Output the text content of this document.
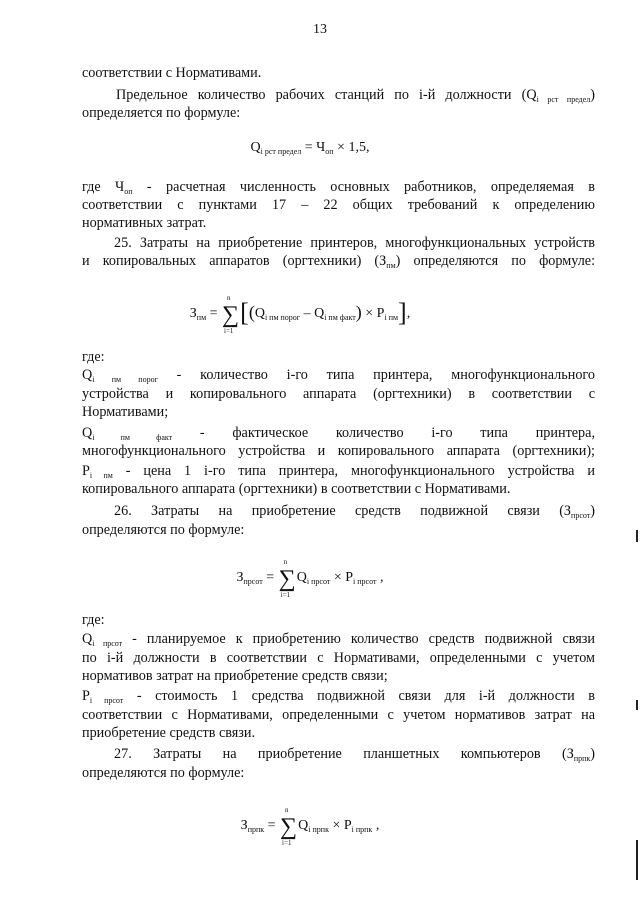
13
соответствии с Нормативами.
Предельное количество рабочих станций по i-й должности $(Q_{i рст предел})$
определяется по формуле:
$Q_{i рст предел} = Ч_{оп} \times 1,5$,
где $Ч_{оп}$ - расчетная численность основных работников, определяемая в
соответствии с пунктами 17 – 22 общих требований к определению
нормативных затрат.
25. Затраты на приобретение принтеров, многофункциональных устройств
и копировальных аппаратов (оргтехники) $(З_{пм})$ определяются по формуле:
$З_{пм}$ = ∑
n
i=1
$[(Q_{i пм порог} - Q_{i пм факт}) \times P_{i пм}]$,
где:
$Q_{i пм порог}$ - количество i-го типа принтера, многофункционального
устройства и копировального аппарата (оргтехники) в соответствии с
Нормативами;
$Q_{i пм факт}$ - фактическое количество i-го типа принтера,
многофункционального устройства и копировального аппарата (оргтехники);
$P_{i пм}$ - цена 1 i-го типа принтера, многофункционального устройства и
копировального аппарата (оргтехники) в соответствии с Нормативами.
26. Затраты на приобретение средств подвижной связи $(З_{прсот})$
определяются по формуле:
$З_{прсот}$ = ∑
n
i=1
$Q_{i прсот} \times P_{i прсот}$ ,
где:
$Q_{i прсот}$ - планируемое к приобретению количество средств подвижной связи
по i-й должности в соответствии с Нормативами, определенными с учетом
нормативов затрат на приобретение средств связи;
$P_{i прсот}$ - стоимость 1 средства подвижной связи для i-й должности в
соответствии с Нормативами, определенными с учетом нормативов затрат на
приобретение средств связи.
27. Затраты на приобретение планшетных компьютеров $(З_{прпк})$
определяются по формуле:
$З_{прпк}$ = ∑
n
i=1
$Q_{i прпк} \times P_{i прпк}$ ,
